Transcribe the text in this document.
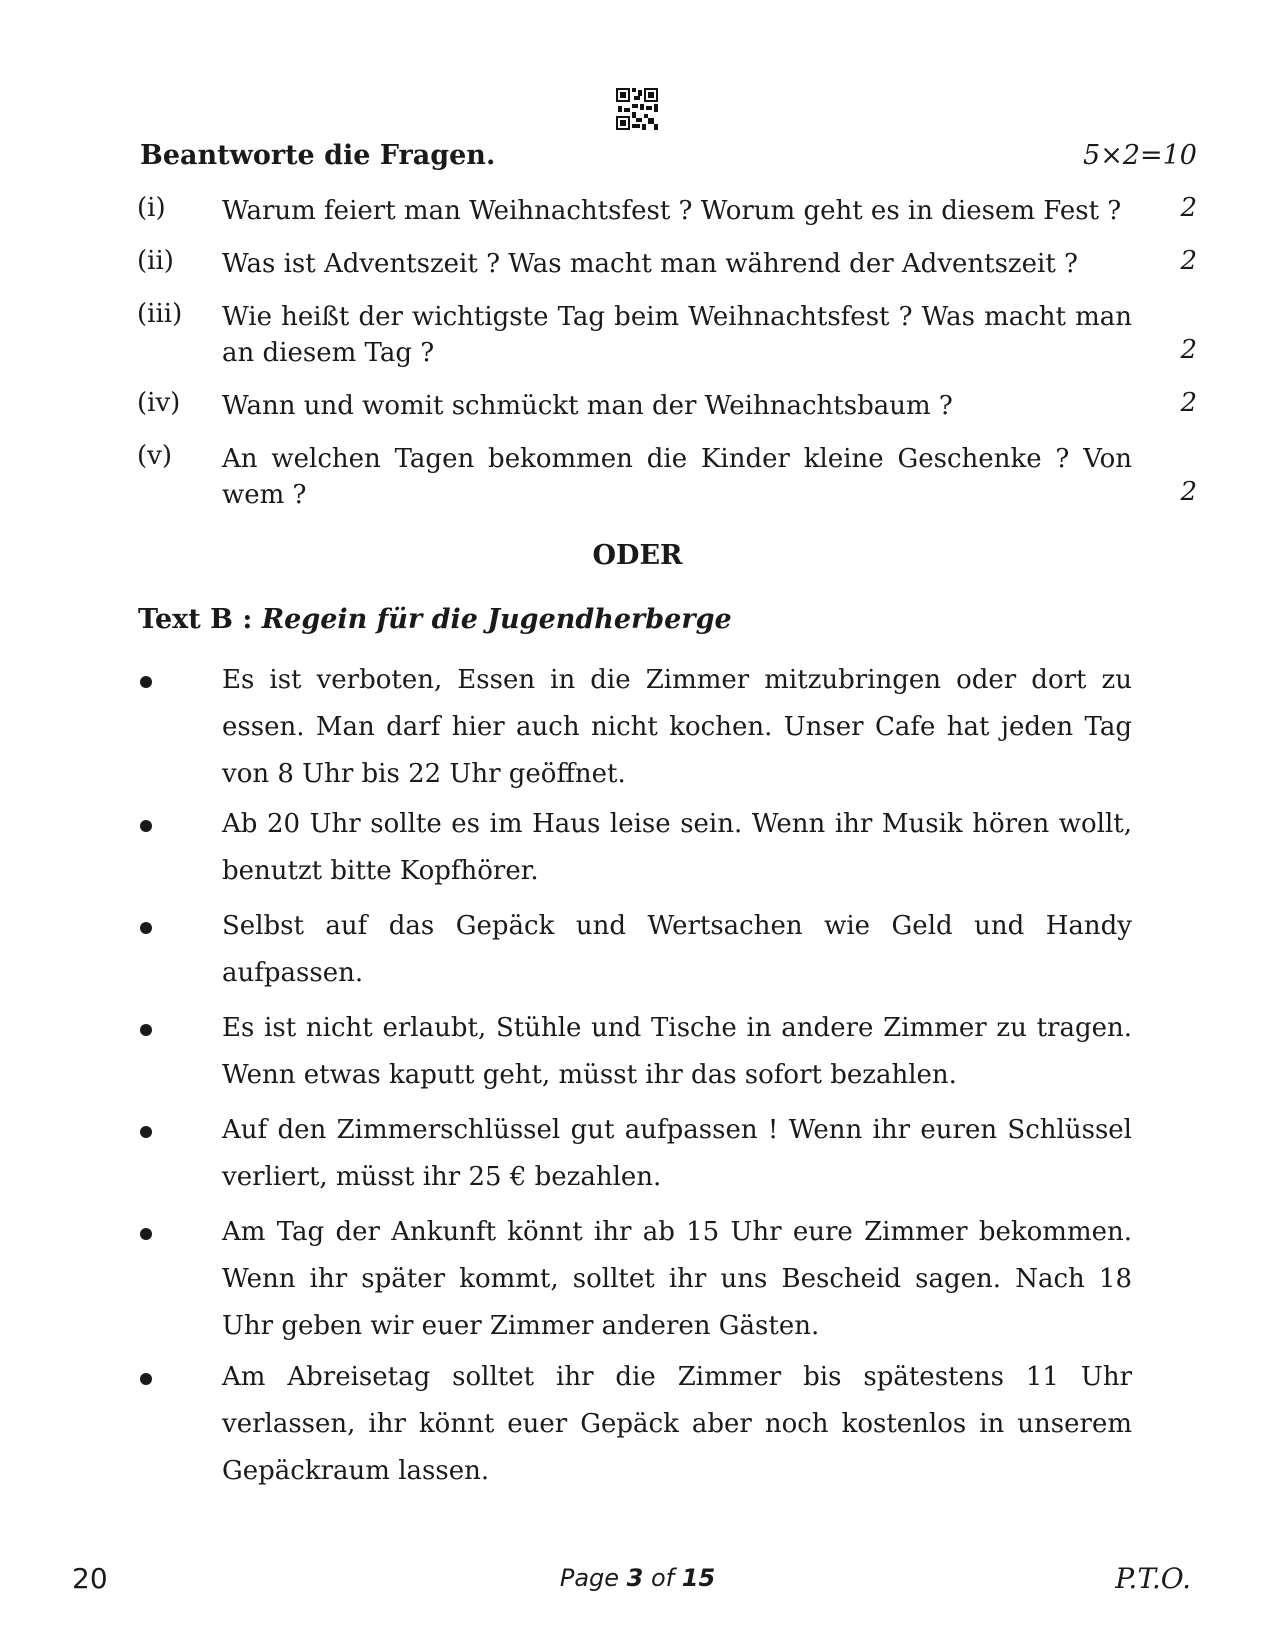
Beantworte die Fragen.	5×2=10
(i) Warum feiert man Weihnachtsfest ? Worum geht es in diesem Fest ?	2
(ii) Was ist Adventszeit ? Was macht man während der Adventszeit ?	2
(iii) Wie heißt der wichtigste Tag beim Weihnachtsfest ? Was macht man an diesem Tag ?	2
(iv) Wann und womit schmückt man der Weihnachtsbaum ?	2
(v) An welchen Tagen bekommen die Kinder kleine Geschenke ? Von wem ?	2
ODER
Text B : Regein für die Jugendherberge
Es ist verboten, Essen in die Zimmer mitzubringen oder dort zu essen. Man darf hier auch nicht kochen. Unser Cafe hat jeden Tag von 8 Uhr bis 22 Uhr geöffnet.
Ab 20 Uhr sollte es im Haus leise sein. Wenn ihr Musik hören wollt, benutzt bitte Kopfhörer.
Selbst auf das Gepäck und Wertsachen wie Geld und Handy aufpassen.
Es ist nicht erlaubt, Stühle und Tische in andere Zimmer zu tragen. Wenn etwas kaputt geht, müsst ihr das sofort bezahlen.
Auf den Zimmerschlüssel gut aufpassen ! Wenn ihr euren Schlüssel verliert, müsst ihr 25 € bezahlen.
Am Tag der Ankunft könnt ihr ab 15 Uhr eure Zimmer bekommen. Wenn ihr später kommt, solltet ihr uns Bescheid sagen. Nach 18 Uhr geben wir euer Zimmer anderen Gästen.
Am Abreisetag solltet ihr die Zimmer bis spätestens 11 Uhr verlassen, ihr könnt euer Gepäck aber noch kostenlos in unserem Gepäckraum lassen.
20	Page 3 of 15	P.T.O.
